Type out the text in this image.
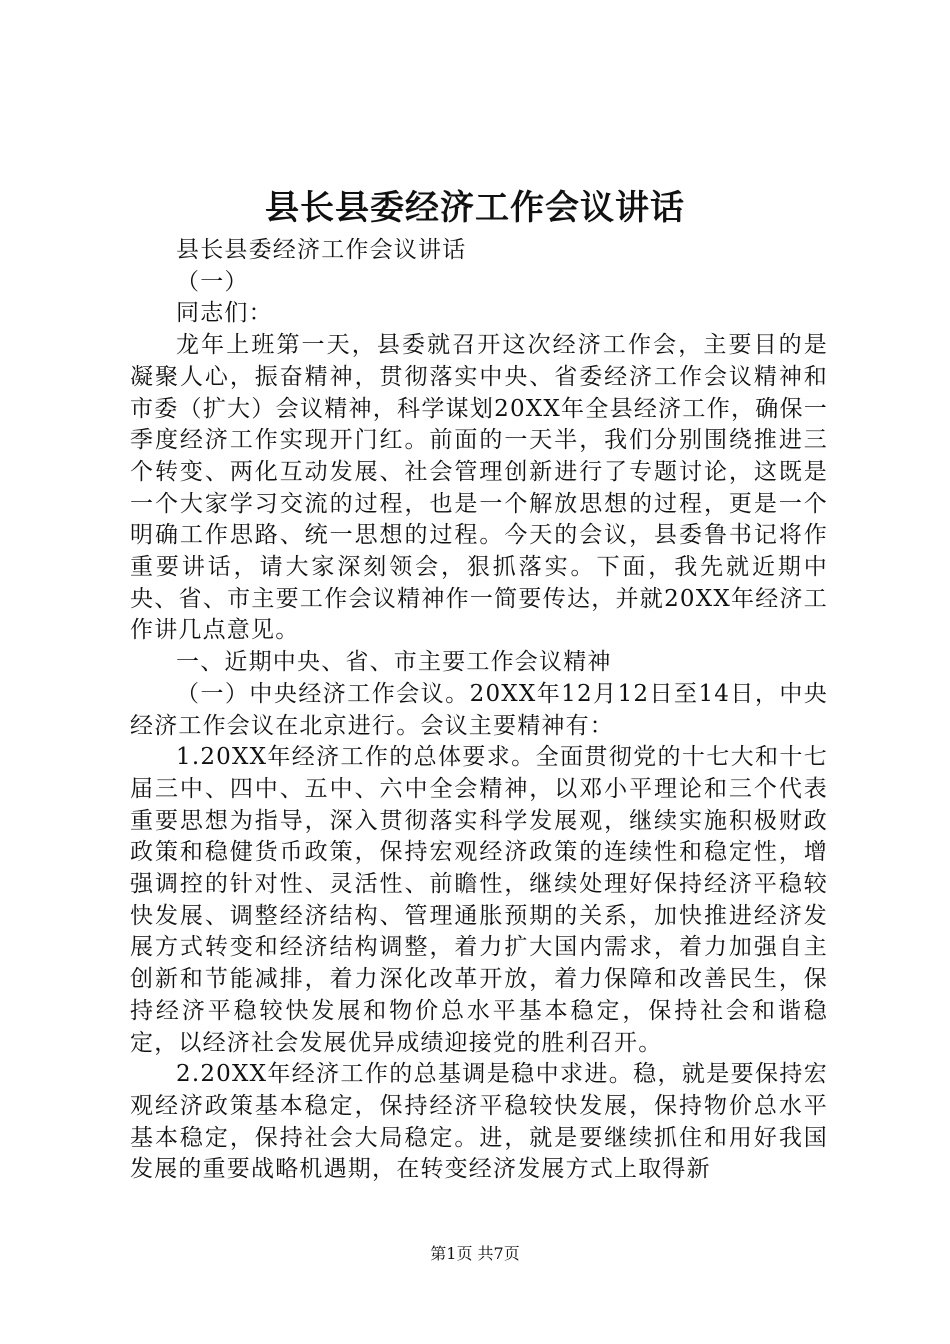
县长县委经济工作会议讲话

县长县委经济工作会议讲话

（一）

同志们：

龙年上班第一天，县委就召开这次经济工作会，主要目的是凝聚人心，振奋精神，贯彻落实中央、省委经济工作会议精神和市委（扩大）会议精神，科学谋划20XX年全县经济工作，确保一季度经济工作实现开门红。前面的一天半，我们分别围绕推进三个转变、两化互动发展、社会管理创新进行了专题讨论，这既是一个大家学习交流的过程，也是一个解放思想的过程，更是一个明确工作思路、统一思想的过程。今天的会议，县委鲁书记将作重要讲话，请大家深刻领会，狠抓落实。下面，我先就近期中央、省、市主要工作会议精神作一简要传达，并就20XX年经济工作讲几点意见。

一、近期中央、省、市主要工作会议精神

（一）中央经济工作会议。20XX年12月12日至14日，中央经济工作会议在北京进行。会议主要精神有：

1.20XX年经济工作的总体要求。全面贯彻党的十七大和十七届三中、四中、五中、六中全会精神，以邓小平理论和三个代表重要思想为指导，深入贯彻落实科学发展观，继续实施积极财政政策和稳健货币政策，保持宏观经济政策的连续性和稳定性，增强调控的针对性、灵活性、前瞻性，继续处理好保持经济平稳较快发展、调整经济结构、管理通胀预期的关系，加快推进经济发展方式转变和经济结构调整，着力扩大国内需求，着力加强自主创新和节能减排，着力深化改革开放，着力保障和改善民生，保持经济平稳较快发展和物价总水平基本稳定，保持社会和谐稳定，以经济社会发展优异成绩迎接党的胜利召开。

2.20XX年经济工作的总基调是稳中求进。稳，就是要保持宏观经济政策基本稳定，保持经济平稳较快发展，保持物价总水平基本稳定，保持社会大局稳定。进，就是要继续抓住和用好我国发展的重要战略机遇期，在转变经济发展方式上取得新

第1页 共7页
